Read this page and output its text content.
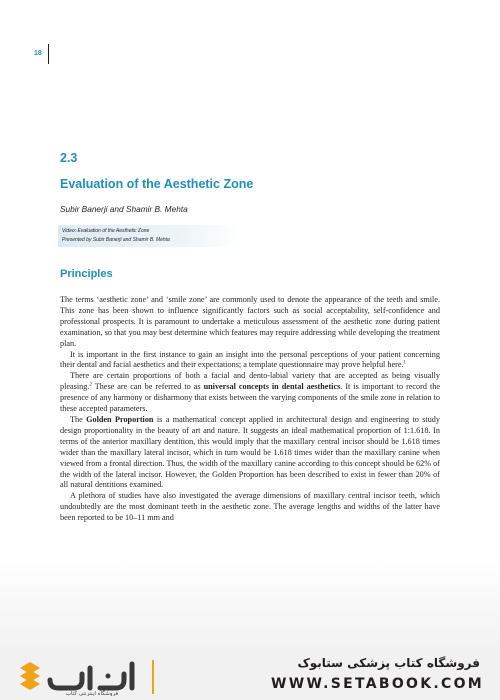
18
2.3
Evaluation of the Aesthetic Zone
Subir Banerji and Shamir B. Mehta
Video: Evaluation of the Aesthetic Zone
Presented by Subir Banerji and Shamir B. Mehta
Principles

The terms ‘aesthetic zone’ and ‘smile zone’ are commonly used to denote the appearance of the teeth and smile. This zone has been shown to influence significantly factors such as social acceptability, self-confidence and professional prospects. It is paramount to undertake a meticulous assessment of the aesthetic zone during patient examination, so that you may best determine which features may require addressing while developing the treatment plan.

It is important in the first instance to gain an insight into the personal perceptions of your patient concerning their dental and facial aesthetics and their expectations; a template questionnaire may prove helpful here.$^1$

There are certain proportions of both a facial and dento-labial variety that are accepted as being visually pleasing.$^2$ These are can be referred to as universal concepts in dental aesthetics. It is important to record the presence of any harmony or disharmony that exists between the varying components of the smile zone in relation to these accepted parameters.

The Golden Proportion is a mathematical concept applied in architectural design and engineering to study design proportionality in the beauty of art and nature. It suggests an ideal mathematical proportion of 1:1.618. In terms of the anterior maxillary dentition, this would imply that the maxillary central incisor should be 1.618 times wider than the maxillary lateral incisor, which in turn would be 1.618 times wider than the maxillary canine when viewed from a frontal direction. Thus, the width of the maxillary canine according to this concept should be 62% of the width of the lateral incisor. However, the Golden Proportion has been described to exist in fewer than 20% of all natural dentitions examined.

A plethora of studies have also investigated the average dimensions of maxillary central incisor teeth, which undoubtedly are the most dominant teeth in the aesthetic zone. The average lengths and widths of the latter have been reported to be 10–11 mm and

فروشگاه اینترنتی کتاب
ستابوک	فروشگاه کتاب پزشکی ستابوک
WWW.SETABOOK.COM
